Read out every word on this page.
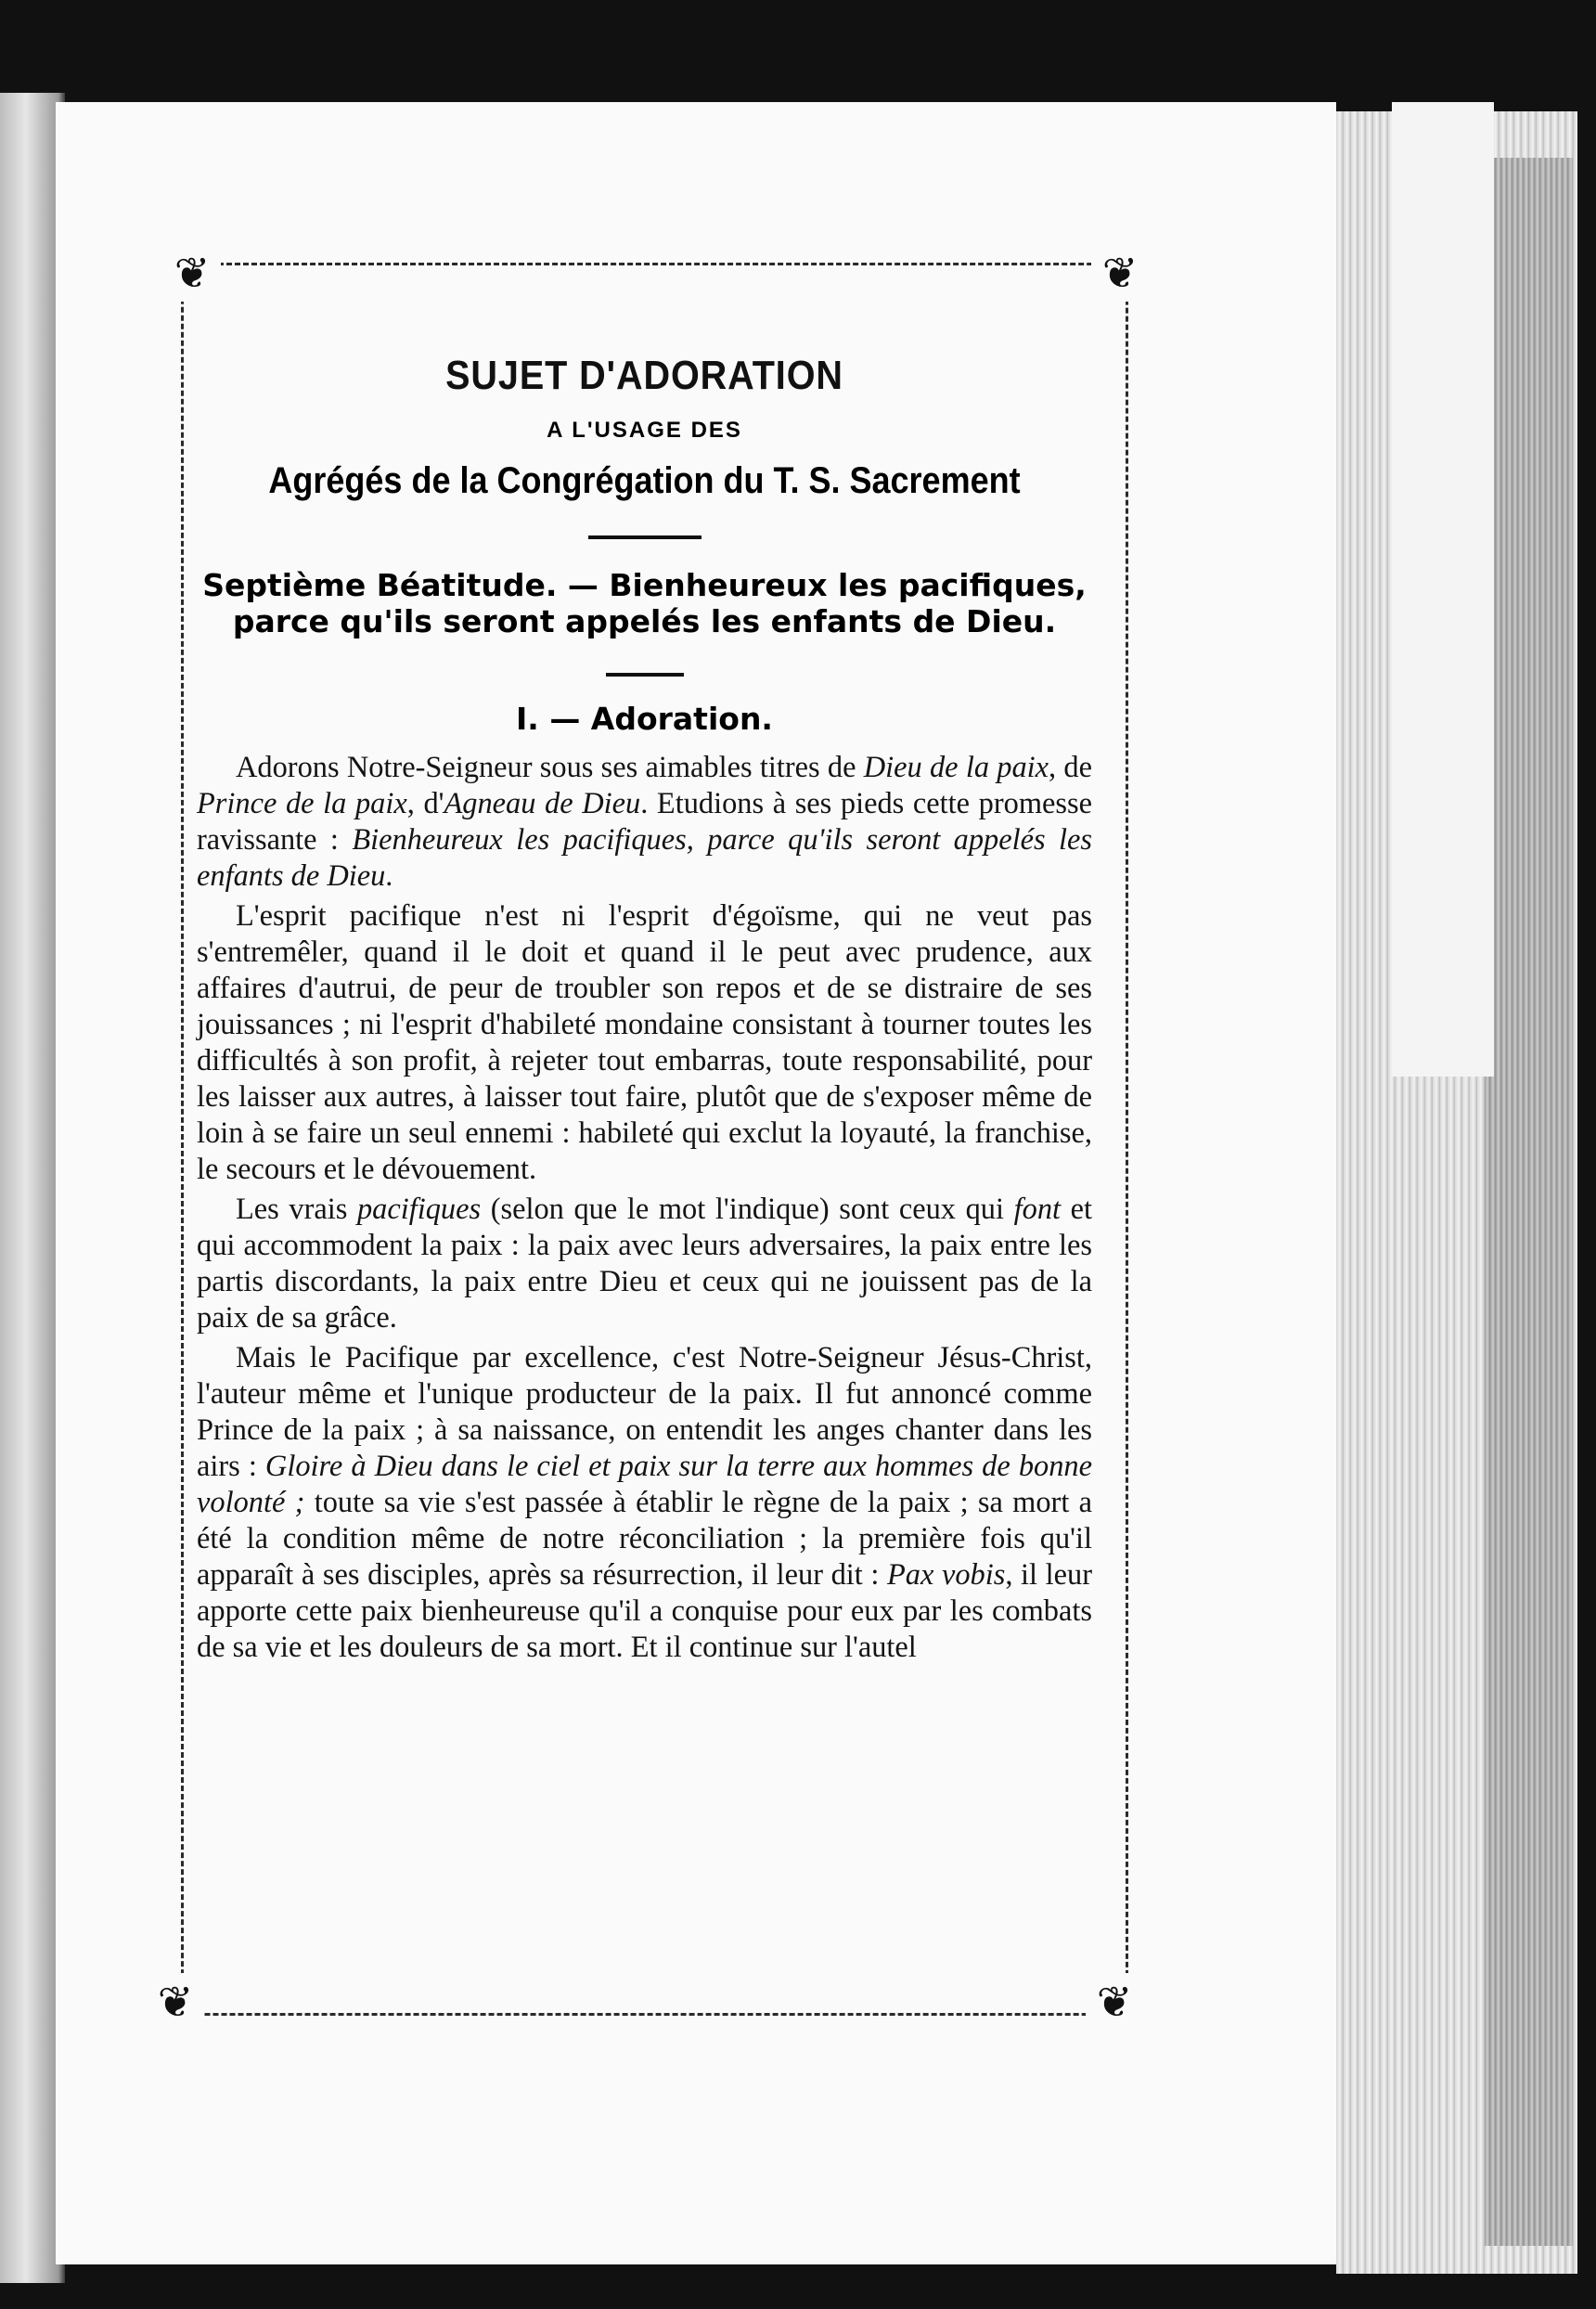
❦	❦
❦	❦
SUJET D'ADORATION
A L'USAGE DES
Agrégés de la Congrégation du T. S. Sacrement
Septième Béatitude. — Bienheureux les pacifiques, parce qu'ils seront appelés les enfants de Dieu.
I. — Adoration.

Adorons Notre-Seigneur sous ses aimables titres de Dieu de la paix, de Prince de la paix, d'Agneau de Dieu. Etudions à ses pieds cette promesse ravissante : Bienheureux les pacifiques, parce qu'ils seront appelés les enfants de Dieu.

L'esprit pacifique n'est ni l'esprit d'égoïsme, qui ne veut pas s'entremêler, quand il le doit et quand il le peut avec prudence, aux affaires d'autrui, de peur de troubler son repos et de se distraire de ses jouissances ; ni l'esprit d'habileté mondaine consistant à tourner toutes les difficultés à son profit, à rejeter tout embarras, toute responsabilité, pour les laisser aux autres, à laisser tout faire, plutôt que de s'exposer même de loin à se faire un seul ennemi : habileté qui exclut la loyauté, la franchise, le secours et le dévouement.

Les vrais pacifiques (selon que le mot l'indique) sont ceux qui font et qui accommodent la paix : la paix avec leurs adversaires, la paix entre les partis discordants, la paix entre Dieu et ceux qui ne jouissent pas de la paix de sa grâce.

Mais le Pacifique par excellence, c'est Notre-Seigneur Jésus-Christ, l'auteur même et l'unique producteur de la paix. Il fut annoncé comme Prince de la paix ; à sa naissance, on entendit les anges chanter dans les airs : Gloire à Dieu dans le ciel et paix sur la terre aux hommes de bonne volonté ; toute sa vie s'est passée à établir le règne de la paix ; sa mort a été la condition même de notre réconciliation ; la première fois qu'il apparaît à ses disciples, après sa résurrection, il leur dit : Pax vobis, il leur apporte cette paix bienheureuse qu'il a conquise pour eux par les combats de sa vie et les douleurs de sa mort. Et il continue sur l'autel
